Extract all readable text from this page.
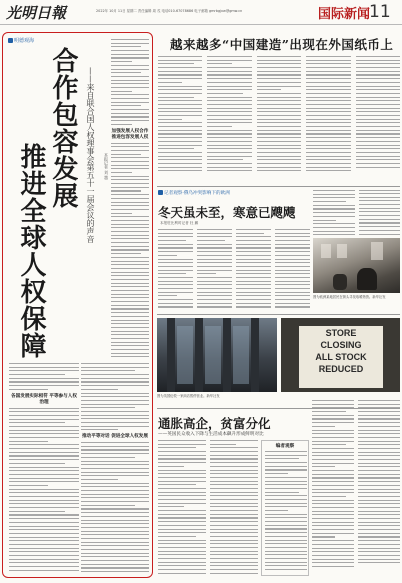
光明日報	2022年 10月 11日 星期二 责任编辑 周 戎 电话010-67078686 电子邮箱 gmrbgjxw@gmw.cn	国际新闻
11
明德观海
合作包容发展
推进全球人权保障	——来自联合国人权理事会第五十一届会议的声音 本报记者 刘 越
加强发展人权合作 推进包容发展人权
各国发展实际相符 平等参与人权治理
推动平等对话 促进全球人权发展
越来越多“中国建造”出现在外国纸币上
记者观察·俄乌冲突影响下的欧洲
冬天虽未至，寒意已飕飕
本报驻比利时记者 杜 鹏
图为欧洲某地居民在街头寻找取暖物资。新华社发
STORE
CLOSING
ALL STOCK
REDUCED
图为英国伦敦一家商店暂停营业。新华社发
通胀高企，贫富分化
——英国民众收入下降与生活成本飙升形成鲜明对比
编者观察
